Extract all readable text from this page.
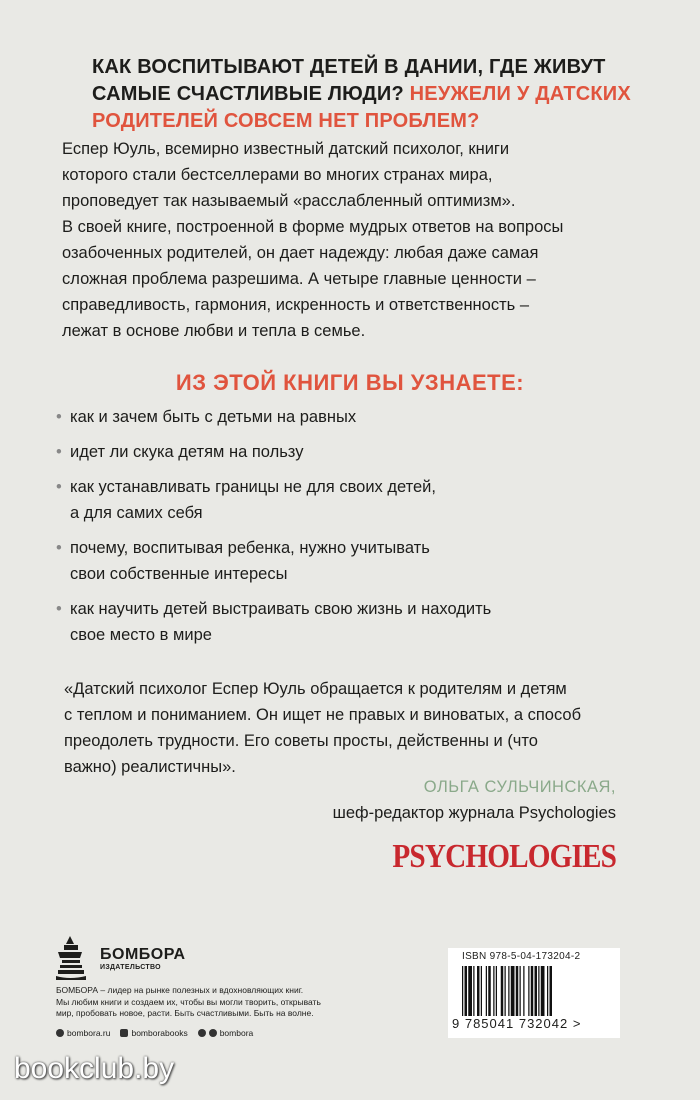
КАК ВОСПИТЫВАЮТ ДЕТЕЙ В ДАНИИ, ГДЕ ЖИВУТ САМЫЕ СЧАСТЛИВЫЕ ЛЮДИ? НЕУЖЕЛИ У ДАТСКИХ РОДИТЕЛЕЙ СОВСЕМ НЕТ ПРОБЛЕМ?
Еспер Юуль, всемирно известный датский психолог, книги
которого стали бестселлерами во многих странах мира,
проповедует так называемый «расслабленный оптимизм».
В своей книге, построенной в форме мудрых ответов на вопросы
озабоченных родителей, он дает надежду: любая даже самая
сложная проблема разрешима. А четыре главные ценности –
справедливость, гармония, искренность и ответственность –
лежат в основе любви и тепла в семье.
ИЗ ЭТОЙ КНИГИ ВЫ УЗНАЕТЕ:
• как и зачем быть с детьми на равных
• идет ли скука детям на пользу
• как устанавливать границы не для своих детей,
а для самих себя
• почему, воспитывая ребенка, нужно учитывать
свои собственные интересы
• как научить детей выстраивать свою жизнь и находить
свое место в мире
«Датский психолог Еспер Юуль обращается к родителям и детям
с теплом и пониманием. Он ищет не правых и виноватых, а способ
преодолеть трудности. Его советы просты, действенны и (что
важно) реалистичны».
ОЛЬГА СУЛЬЧИНСКАЯ,
шеф-редактор журнала Psychologies
PSYCHOLOGIES
БОМБОРА
ИЗДАТЕЛЬСТВО
БОМБОРА – лидер на рынке полезных и вдохновляющих книг.
Мы любим книги и создаем их, чтобы вы могли творить, открывать
мир, пробовать новое, расти. Быть счастливыми. Быть на волне.
bombora.ru bomborabooks	bombora
ISBN 978-5-04-173204-2
9 785041 732042 >
bookclub.by
